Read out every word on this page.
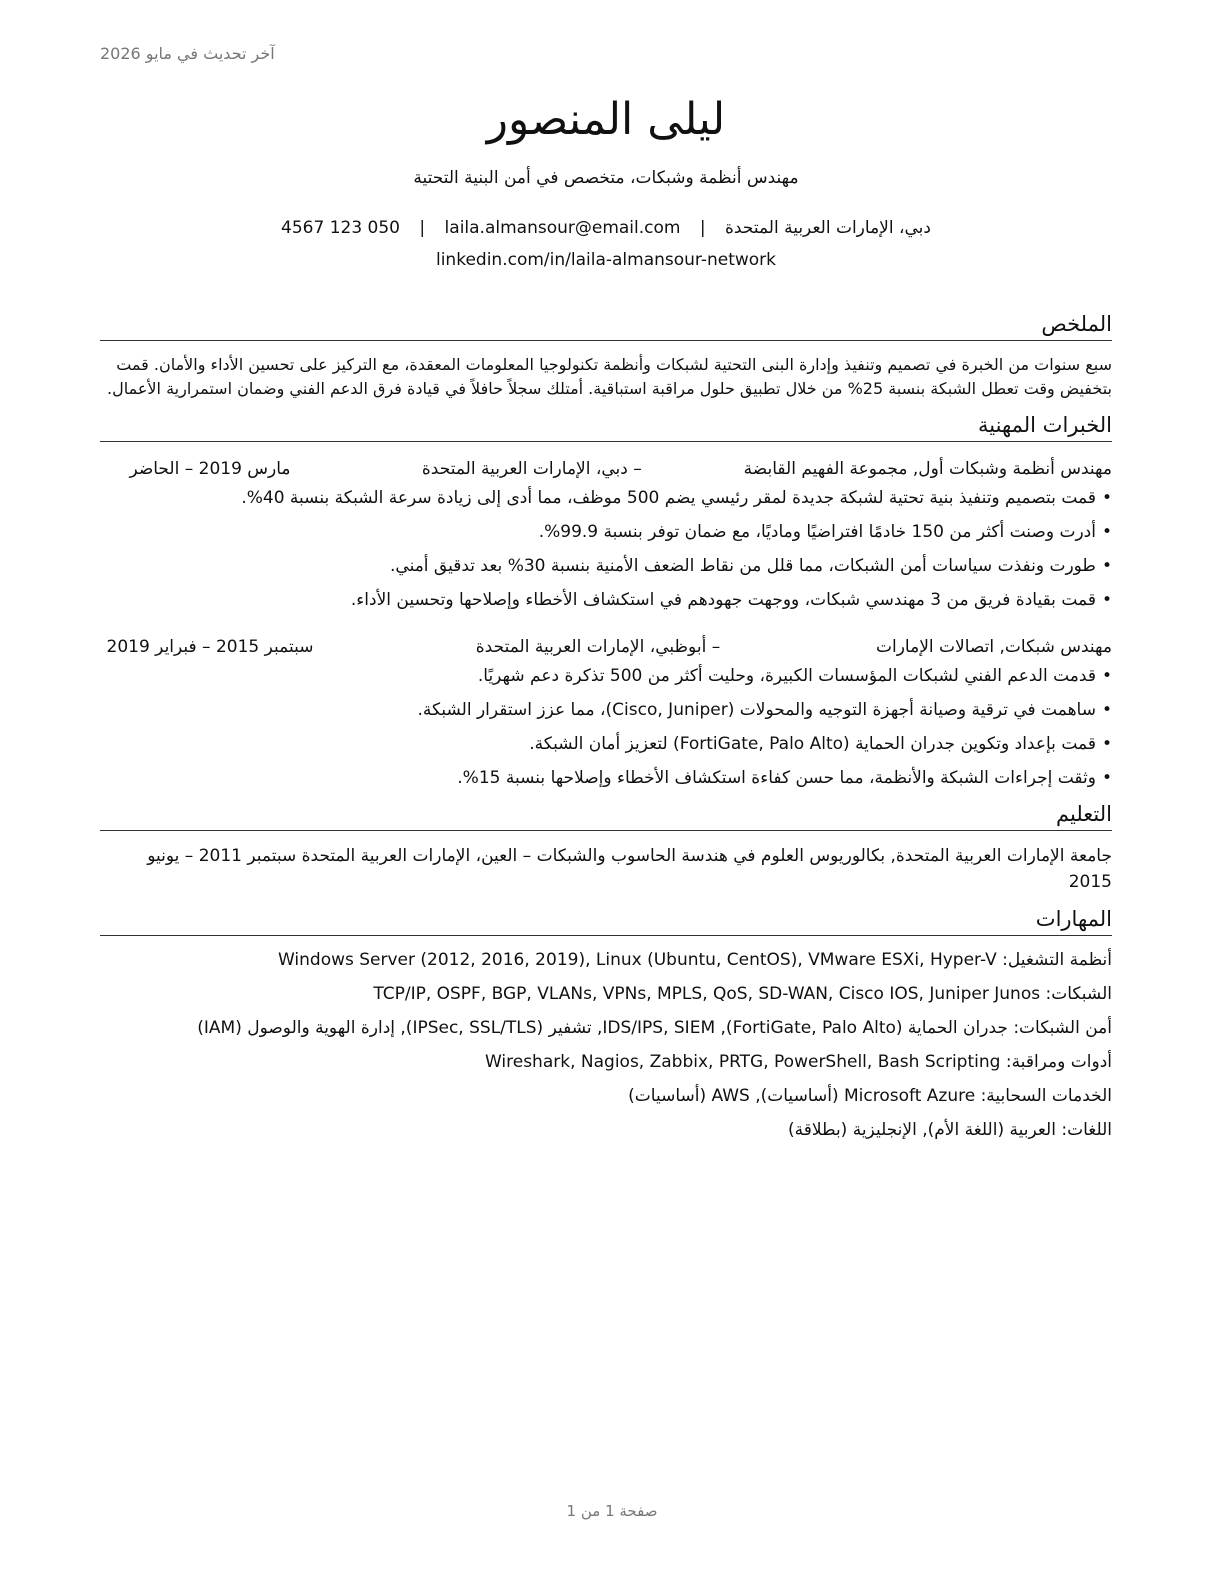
آخر تحديث في مايو 2026
ليلى المنصور
مهندس أنظمة وشبكات، متخصص في أمن البنية التحتية
4567 123 050 | laila.almansour@email.com | دبي، الإمارات العربية المتحدة
linkedin.com/in/laila-almansour-network
الملخص
سبع سنوات من الخبرة في تصميم وتنفيذ وإدارة البنى التحتية لشبكات وأنظمة تكنولوجيا المعلومات المعقدة، مع التركيز على تحسين الأداء والأمان. قمت بتخفيض وقت تعطل الشبكة بنسبة 25% من خلال تطبيق حلول مراقبة استباقية. أمتلك سجلاً حافلاً في قيادة فرق الدعم الفني وضمان استمرارية الأعمال.
الخبرات المهنية
مهندس أنظمة وشبكات أول, مجموعة الفهيم القابضة
– دبي، الإمارات العربية المتحدة
مارس 2019 – الحاضر
•قمت بتصميم وتنفيذ بنية تحتية لشبكة جديدة لمقر رئيسي يضم 500 موظف، مما أدى إلى زيادة سرعة الشبكة بنسبة 40%.
•أدرت وصنت أكثر من 150 خادمًا افتراضيًا وماديًا، مع ضمان توفر بنسبة 99.9%.
•طورت ونفذت سياسات أمن الشبكات، مما قلل من نقاط الضعف الأمنية بنسبة 30% بعد تدقيق أمني.
•قمت بقيادة فريق من 3 مهندسي شبكات، ووجهت جهودهم في استكشاف الأخطاء وإصلاحها وتحسين الأداء.
مهندس شبكات, اتصالات الإمارات
– أبوظبي، الإمارات العربية المتحدة
سبتمبر 2015 – فبراير 2019
•قدمت الدعم الفني لشبكات المؤسسات الكبيرة، وحليت أكثر من 500 تذكرة دعم شهريًا.
•ساهمت في ترقية وصيانة أجهزة التوجيه والمحولات (Cisco, Juniper)، مما عزز استقرار الشبكة.
•قمت بإعداد وتكوين جدران الحماية (FortiGate, Palo Alto) لتعزيز أمان الشبكة.
•وثقت إجراءات الشبكة والأنظمة، مما حسن كفاءة استكشاف الأخطاء وإصلاحها بنسبة 15%.
التعليم
جامعة الإمارات العربية المتحدة, بكالوريوس العلوم في هندسة الحاسوب والشبكات – العين، الإمارات العربية المتحدة سبتمبر 2011 – يونيو 2015
المهارات
أنظمة التشغيل: Windows Server (2012, 2016, 2019), Linux (Ubuntu, CentOS), VMware ESXi, Hyper-V
الشبكات: TCP/IP, OSPF, BGP, VLANs, VPNs, MPLS, QoS, SD-WAN, Cisco IOS, Juniper Junos
أمن الشبكات: جدران الحماية (FortiGate, Palo Alto), IDS/IPS, SIEM, تشفير (IPSec, SSL/TLS), إدارة الهوية والوصول (IAM)
أدوات ومراقبة: Wireshark, Nagios, Zabbix, PRTG, PowerShell, Bash Scripting
الخدمات السحابية: Microsoft Azure (أساسيات), AWS (أساسيات)
اللغات: العربية (اللغة الأم), الإنجليزية (بطلاقة)
صفحة 1 من 1
